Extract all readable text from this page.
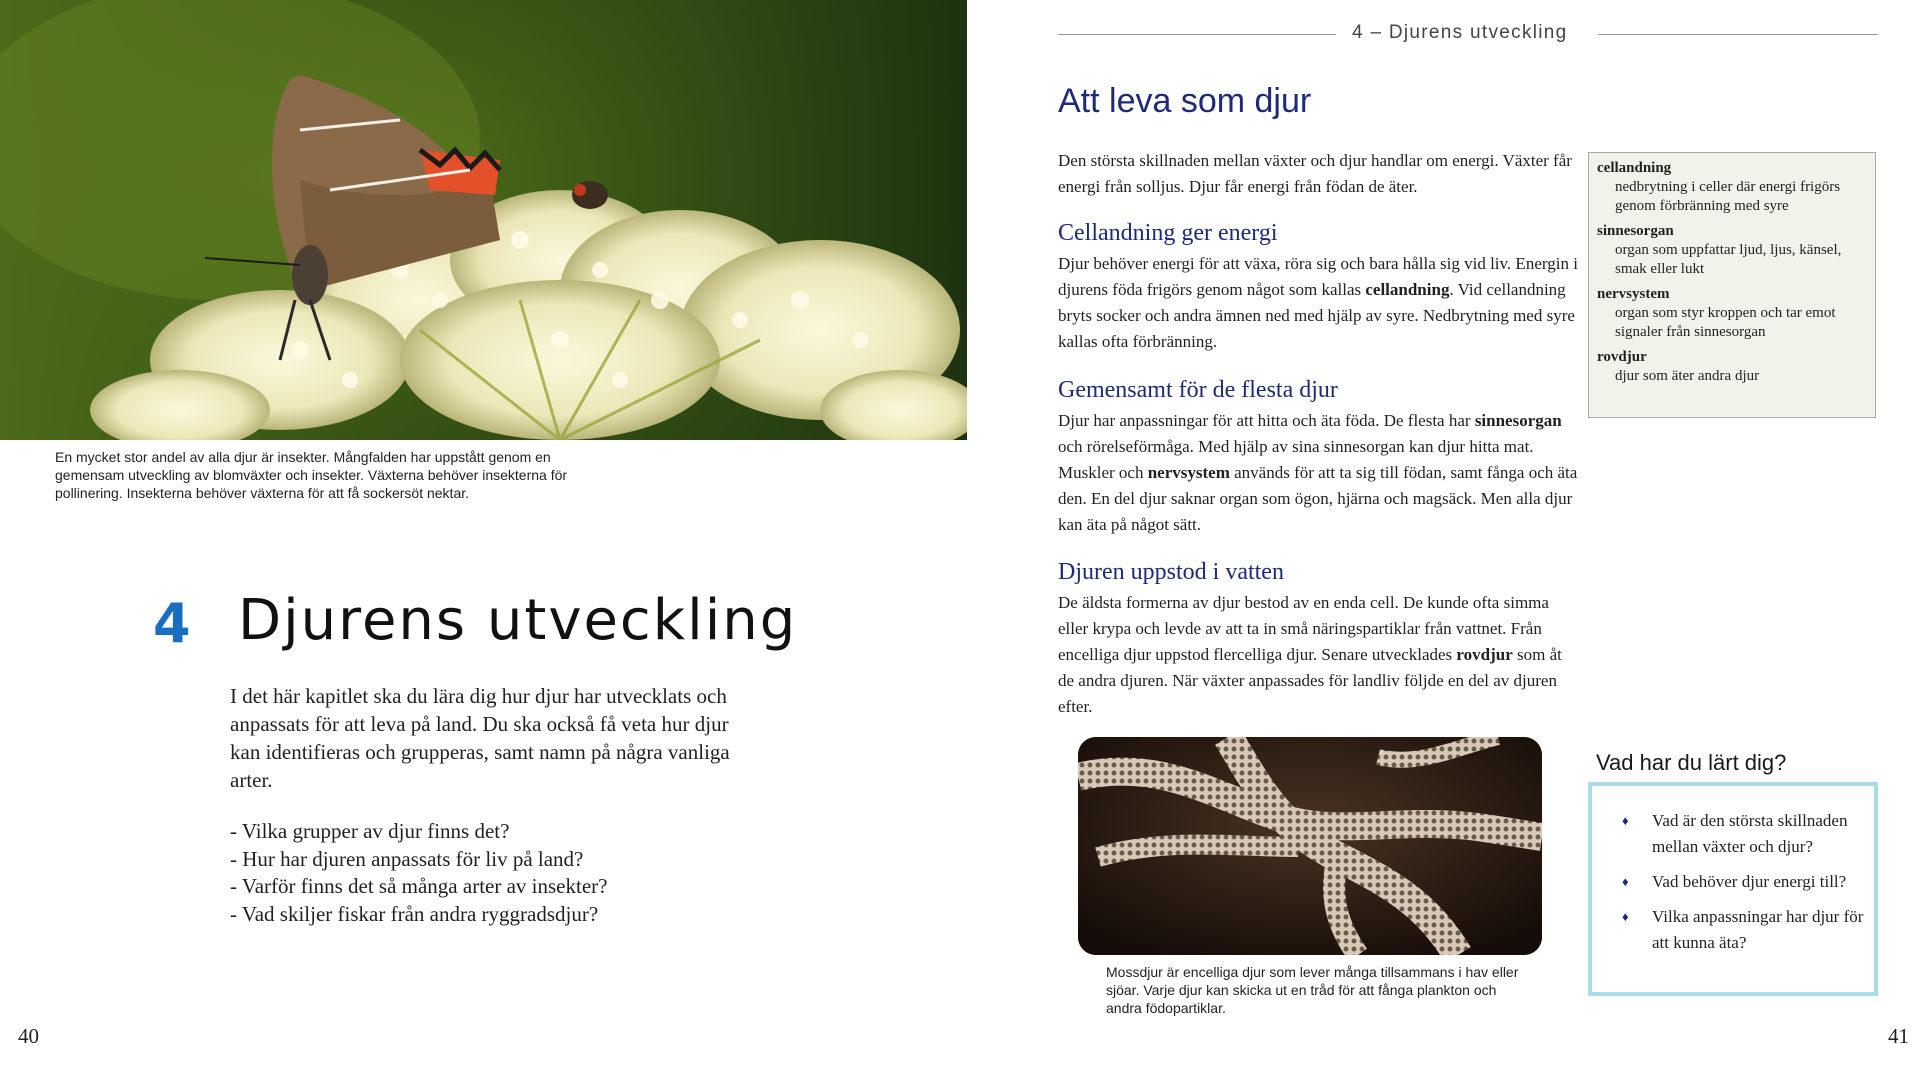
En mycket stor andel av alla djur är insekter. Mångfalden har uppstått genom en gemensam utveckling av blomväxter och insekter. Växterna behöver insekterna för pollinering. Insekterna behöver växterna för att få sockersöt nektar.
4 Djurens utveckling
I det här kapitlet ska du lära dig hur djur har utvecklats och anpassats för att leva på land. Du ska också få veta hur djur kan identifieras och grupperas, samt namn på några vanliga arter.
- Vilka grupper av djur finns det?
- Hur har djuren anpassats för liv på land?
- Varför finns det så många arter av insekter?
- Vad skiljer fiskar från andra ryggradsdjur?
40
4 – Djurens utveckling
Att leva som djur
Den största skillnaden mellan växter och djur handlar om energi. Växter får energi från solljus. Djur får energi från födan de äter.
Cellandning ger energi
Djur behöver energi för att växa, röra sig och bara hålla sig vid liv. Energin i djurens föda frigörs genom något som kallas cellandning. Vid cellandning bryts socker och andra ämnen ned med hjälp av syre. Nedbrytning med syre kallas ofta förbränning.
Gemensamt för de flesta djur
Djur har anpassningar för att hitta och äta föda. De flesta har sinnesorgan och rörelseförmåga. Med hjälp av sina sinnesorgan kan djur hitta mat. Muskler och nervsystem används för att ta sig till födan, samt fånga och äta den. En del djur saknar organ som ögon, hjärna och magsäck. Men alla djur kan äta på något sätt.
Djuren uppstod i vatten
De äldsta formerna av djur bestod av en enda cell. De kunde ofta simma eller krypa och levde av att ta in små näringspartiklar från vattnet. Från encelliga djur uppstod flercelliga djur. Senare utvecklades rovdjur som åt de andra djuren. När växter anpassades för landliv följde en del av djuren efter.
cellandning
nedbrytning i celler där energi frigörs genom förbränning med syre
sinnesorgan
organ som uppfattar ljud, ljus, känsel, smak eller lukt
nervsystem
organ som styr kroppen och tar emot signaler från sinnesorgan
rovdjur
djur som äter andra djur
Mossdjur är encelliga djur som lever många tillsammans i hav eller sjöar. Varje djur kan skicka ut en tråd för att fånga plankton och andra födopartiklar.
Vad har du lärt dig?
♦ Vad är den största skillnaden mellan växter och djur?
♦ Vad behöver djur energi till?
♦ Vilka anpassningar har djur för att kunna äta?
41
